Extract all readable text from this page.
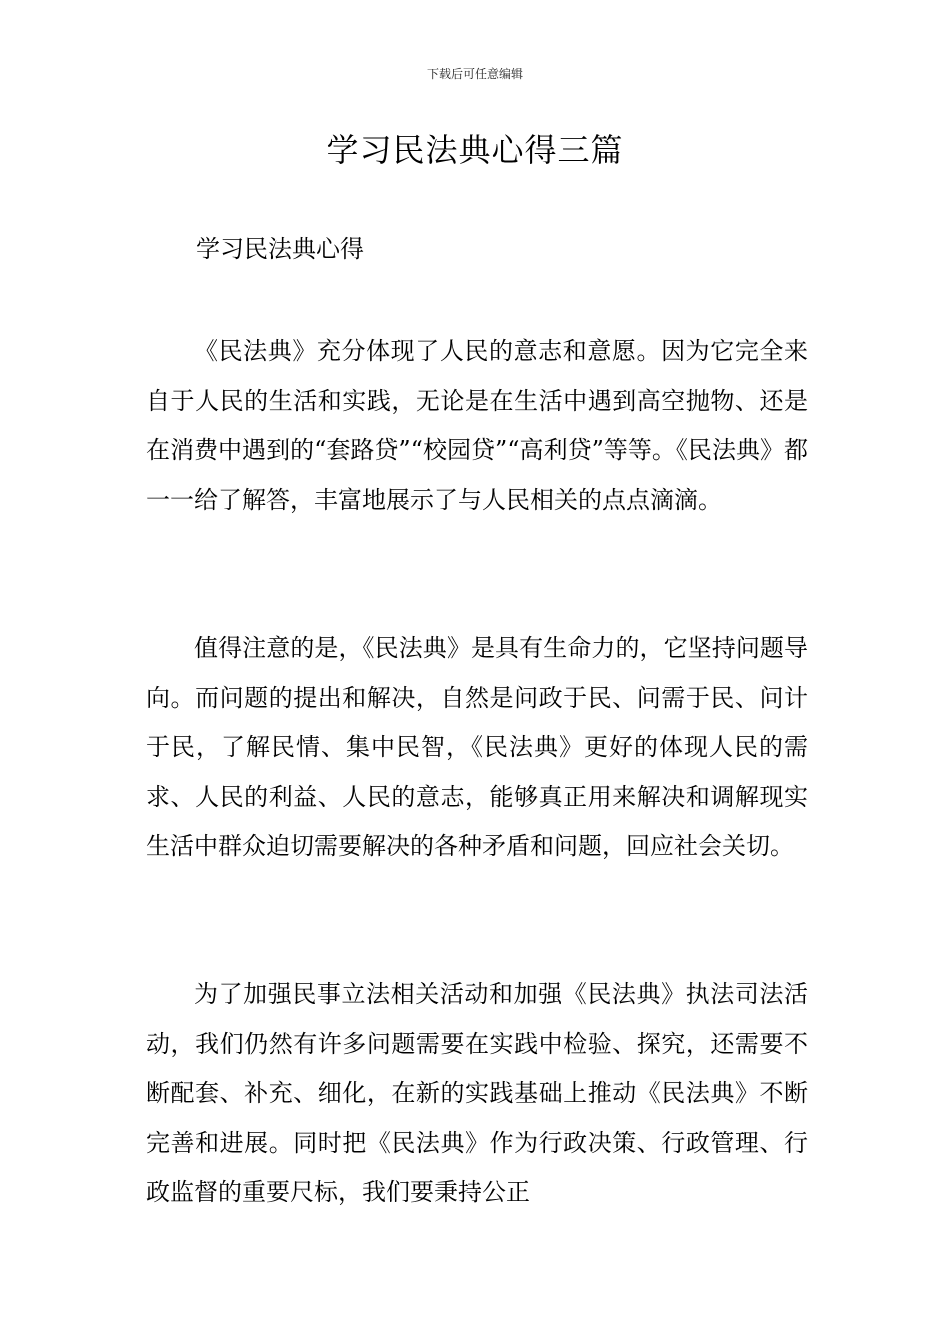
下载后可任意编辑
学习民法典心得三篇

学习民法典心得

《民法典》充分体现了人民的意志和意愿。因为它完全来自于人民的生活和实践，无论是在生活中遇到高空抛物、还是在消费中遇到的“套路贷”“校园贷”“高利贷”等等。《民法典》都一一给了解答，丰富地展示了与人民相关的点点滴滴。

值得注意的是，《民法典》是具有生命力的，它坚持问题导向。而问题的提出和解决，自然是问政于民、问需于民、问计于民，了解民情、集中民智，《民法典》更好的体现人民的需求、人民的利益、人民的意志，能够真正用来解决和调解现实生活中群众迫切需要解决的各种矛盾和问题，回应社会关切。

为了加强民事立法相关活动和加强《民法典》执法司法活动，我们仍然有许多问题需要在实践中检验、探究，还需要不断配套、补充、细化，在新的实践基础上推动《民法典》不断完善和进展。同时把《民法典》作为行政决策、行政管理、行政监督的重要尺标，我们要秉持公正
